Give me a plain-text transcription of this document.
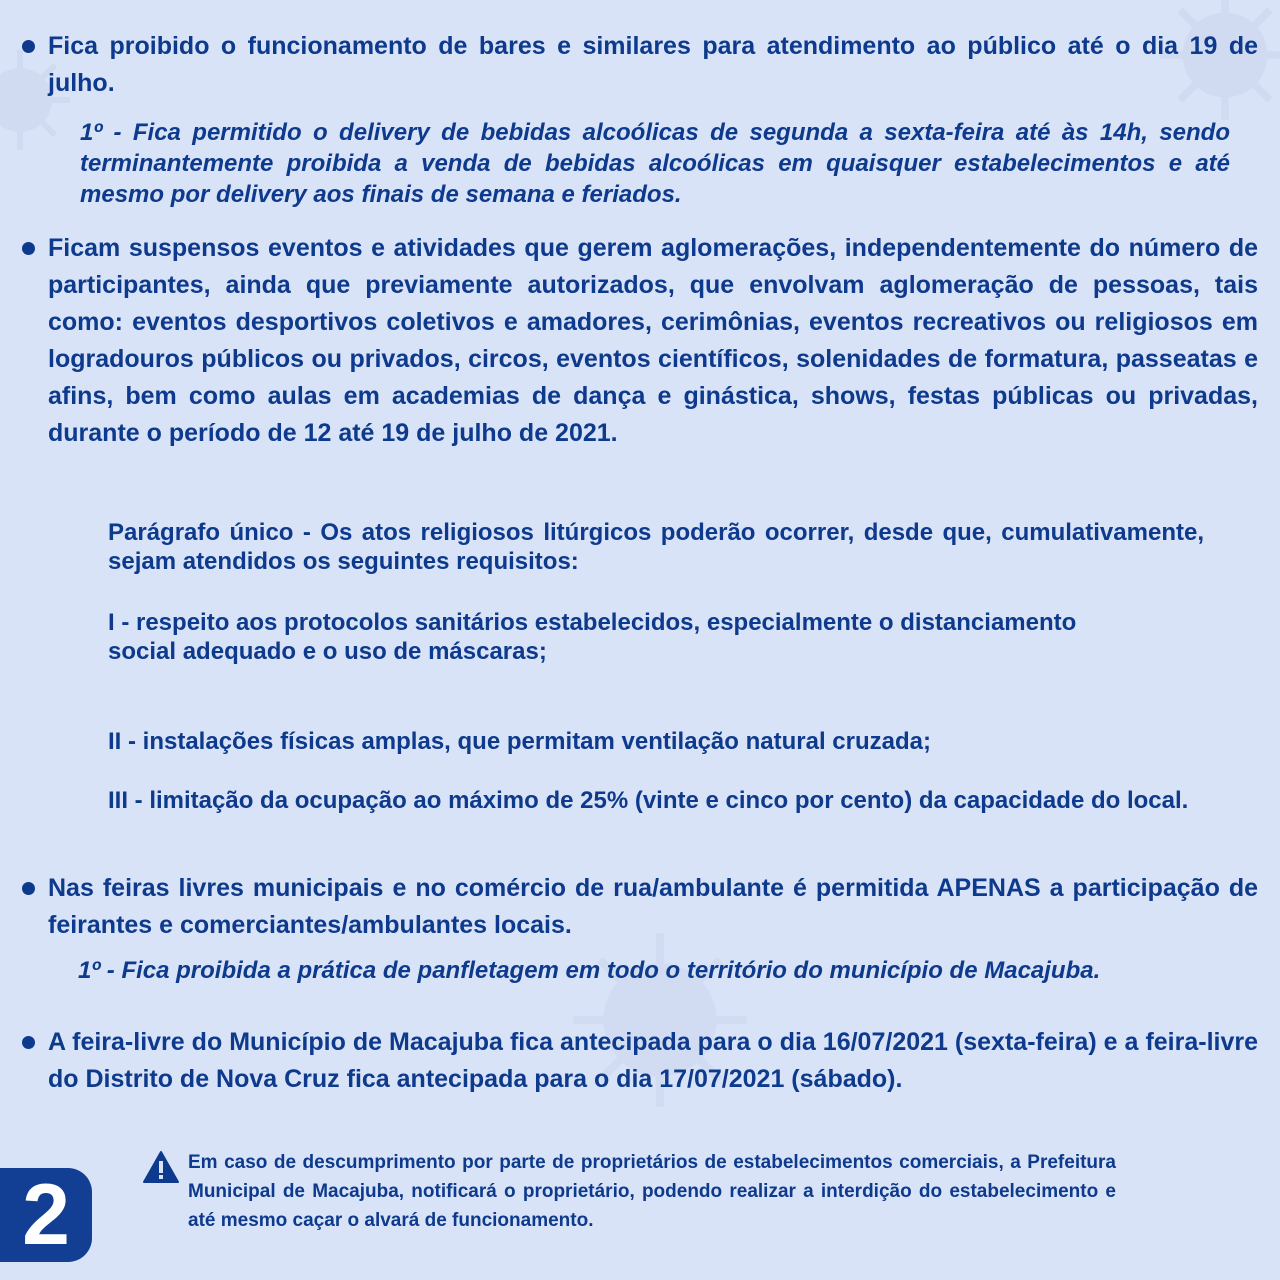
Fica proibido o funcionamento de bares e similares para atendimento ao público até o dia 19 de julho.
1º - Fica permitido o delivery de bebidas alcoólicas de segunda a sexta-feira até às 14h, sendo terminantemente proibida a venda de bebidas alcoólicas em quaisquer estabelecimentos e até mesmo por delivery aos finais de semana e feriados.
Ficam suspensos eventos e atividades que gerem aglomerações, independentemente do número de participantes, ainda que previamente autorizados, que envolvam aglomeração de pessoas, tais como: eventos desportivos coletivos e amadores, cerimônias, eventos recreativos ou religiosos em logradouros públicos ou privados, circos, eventos científicos, solenidades de formatura, passeatas e afins, bem como aulas em academias de dança e ginástica, shows, festas públicas ou privadas, durante o período de 12 até 19 de julho de 2021.
Parágrafo único - Os atos religiosos litúrgicos poderão ocorrer, desde que, cumulativamente, sejam atendidos os seguintes requisitos:
I - respeito aos protocolos sanitários estabelecidos, especialmente o distanciamento
social adequado e o uso de máscaras;
II - instalações físicas amplas, que permitam ventilação natural cruzada;
III - limitação da ocupação ao máximo de 25% (vinte e cinco por cento) da capacidade do local.
Nas feiras livres municipais e no comércio de rua/ambulante é permitida APENAS a participação de feirantes e comerciantes/ambulantes locais.
1º - Fica proibida a prática de panfletagem em todo o território do município de Macajuba.
A feira-livre do Município de Macajuba fica antecipada para o dia 16/07/2021 (sexta-feira) e a feira-livre do Distrito de Nova Cruz fica antecipada para o dia 17/07/2021 (sábado).
2
Em caso de descumprimento por parte de proprietários de estabelecimentos comerciais, a Prefeitura Municipal de Macajuba, notificará o proprietário, podendo realizar a interdição do estabelecimento e até mesmo caçar o alvará de funcionamento.
